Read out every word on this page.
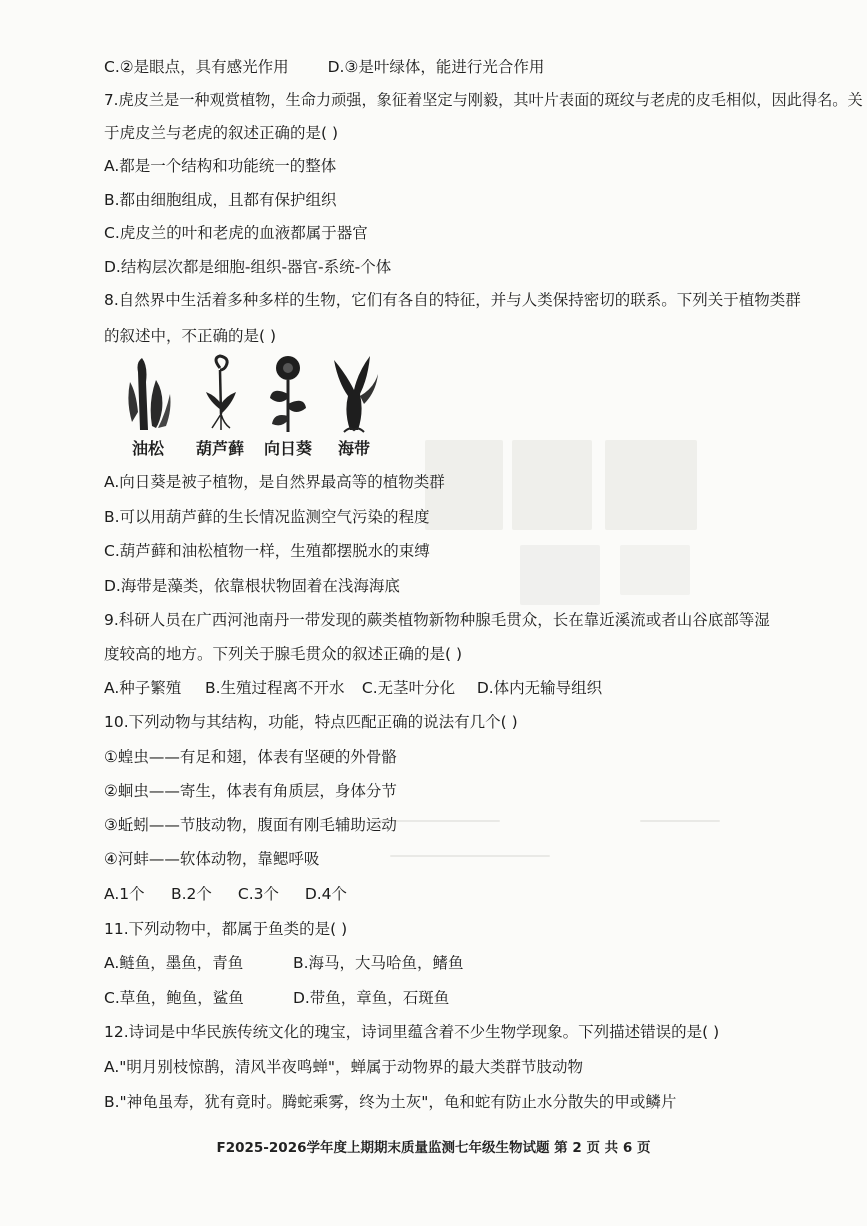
C.②是眼点，具有感光作用	D.③是叶绿体，能进行光合作用
7.虎皮兰是一种观赏植物，生命力顽强，象征着坚定与刚毅，其叶片表面的斑纹与老虎的皮毛相似，因此得名。关
于虎皮兰与老虎的叙述正确的是( )
A.都是一个结构和功能统一的整体
B.都由细胞组成，且都有保护组织
C.虎皮兰的叶和老虎的血液都属于器官
D.结构层次都是细胞-组织-器官-系统-个体
8.自然界中生活着多种多样的生物，它们有各自的特征，并与人类保持密切的联系。下列关于植物类群
的叙述中，不正确的是( )
油松	葫芦藓	向日葵	海带
A.向日葵是被子植物，是自然界最高等的植物类群
B.可以用葫芦藓的生长情况监测空气污染的程度
C.葫芦藓和油松植物一样，生殖都摆脱水的束缚
D.海带是藻类，依靠根状物固着在浅海海底
9.科研人员在广西河池南丹一带发现的蕨类植物新物种腺毛贯众，长在靠近溪流或者山谷底部等湿
度较高的地方。下列关于腺毛贯众的叙述正确的是( )
A.种子繁殖 B.生殖过程离不开水 C.无茎叶分化 D.体内无输导组织
10.下列动物与其结构，功能，特点匹配正确的说法有几个( )
①蝗虫——有足和翅，体表有坚硬的外骨骼
②蛔虫——寄生，体表有角质层，身体分节
③蚯蚓——节肢动物，腹面有刚毛辅助运动
④河蚌——软体动物，靠鳃呼吸
A.1个 B.2个 C.3个 D.4个
11.下列动物中，都属于鱼类的是( )
A.鲢鱼，墨鱼，青鱼	B.海马，大马哈鱼，鳍鱼
C.草鱼，鲍鱼，鲨鱼	D.带鱼，章鱼，石斑鱼
12.诗词是中华民族传统文化的瑰宝，诗词里蕴含着不少生物学现象。下列描述错误的是( )
A."明月别枝惊鹊，清风半夜鸣蝉"，蝉属于动物界的最大类群节肢动物
B."神龟虽寿，犹有竟时。腾蛇乘雾，终为土灰"，龟和蛇有防止水分散失的甲或鳞片
F2025-2026学年度上期期末质量监测七年级生物试题 第 2 页 共 6 页
